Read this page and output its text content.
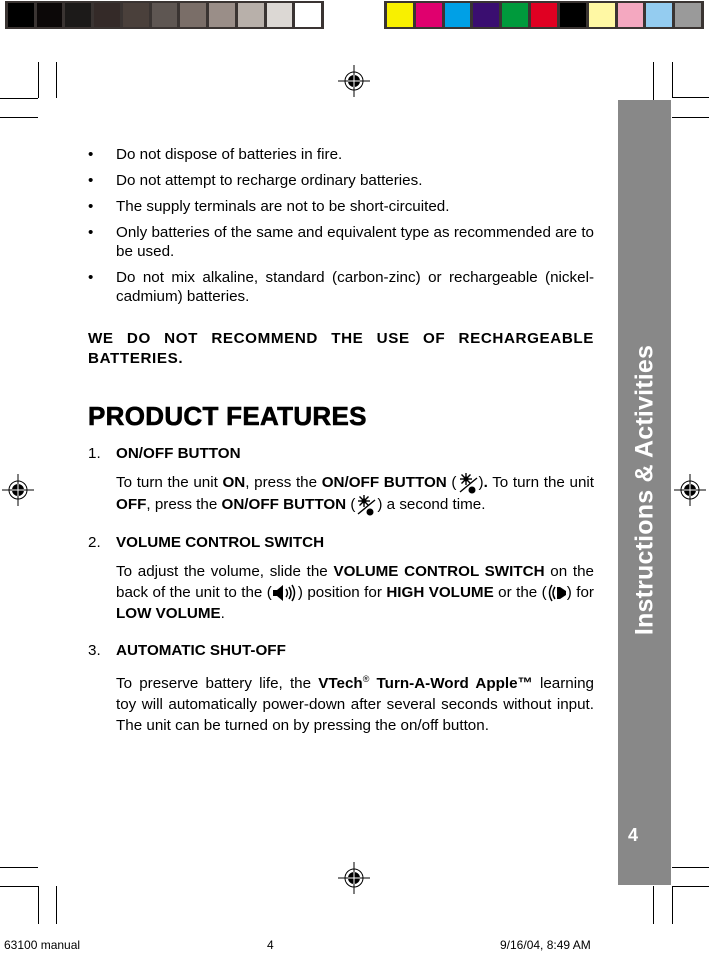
Instructions & Activities
4
• Do not dispose of batteries in fire.
• Do not attempt to recharge ordinary batteries.
• The supply terminals are not to be short-circuited.
• Only batteries of the same and equivalent type as recommended are to be used.
• Do not mix alkaline, standard (carbon-zinc) or rechargeable (nickel-cadmium) batteries.
WE DO NOT RECOMMEND THE USE OF RECHARGEABLE BATTERIES.
PRODUCT FEATURES
1.	ON/OFF BUTTON
To turn the unit ON, press the ON/OFF BUTTON ( ). To turn the unit OFF, press the ON/OFF BUTTON ( ) a second time.
2.	VOLUME CONTROL SWITCH
To adjust the volume, slide the VOLUME CONTROL SWITCH on the back of the unit to the ( ) position for HIGH VOLUME or the ( ) for LOW VOLUME.
3.	AUTOMATIC SHUT-OFF
To preserve battery life, the VTech® Turn-A-Word Apple™ learning toy will automatically power-down after several seconds without input. The unit can be turned on by pressing the on/off button.
63100 manual	4	9/16/04, 8:49 AM
